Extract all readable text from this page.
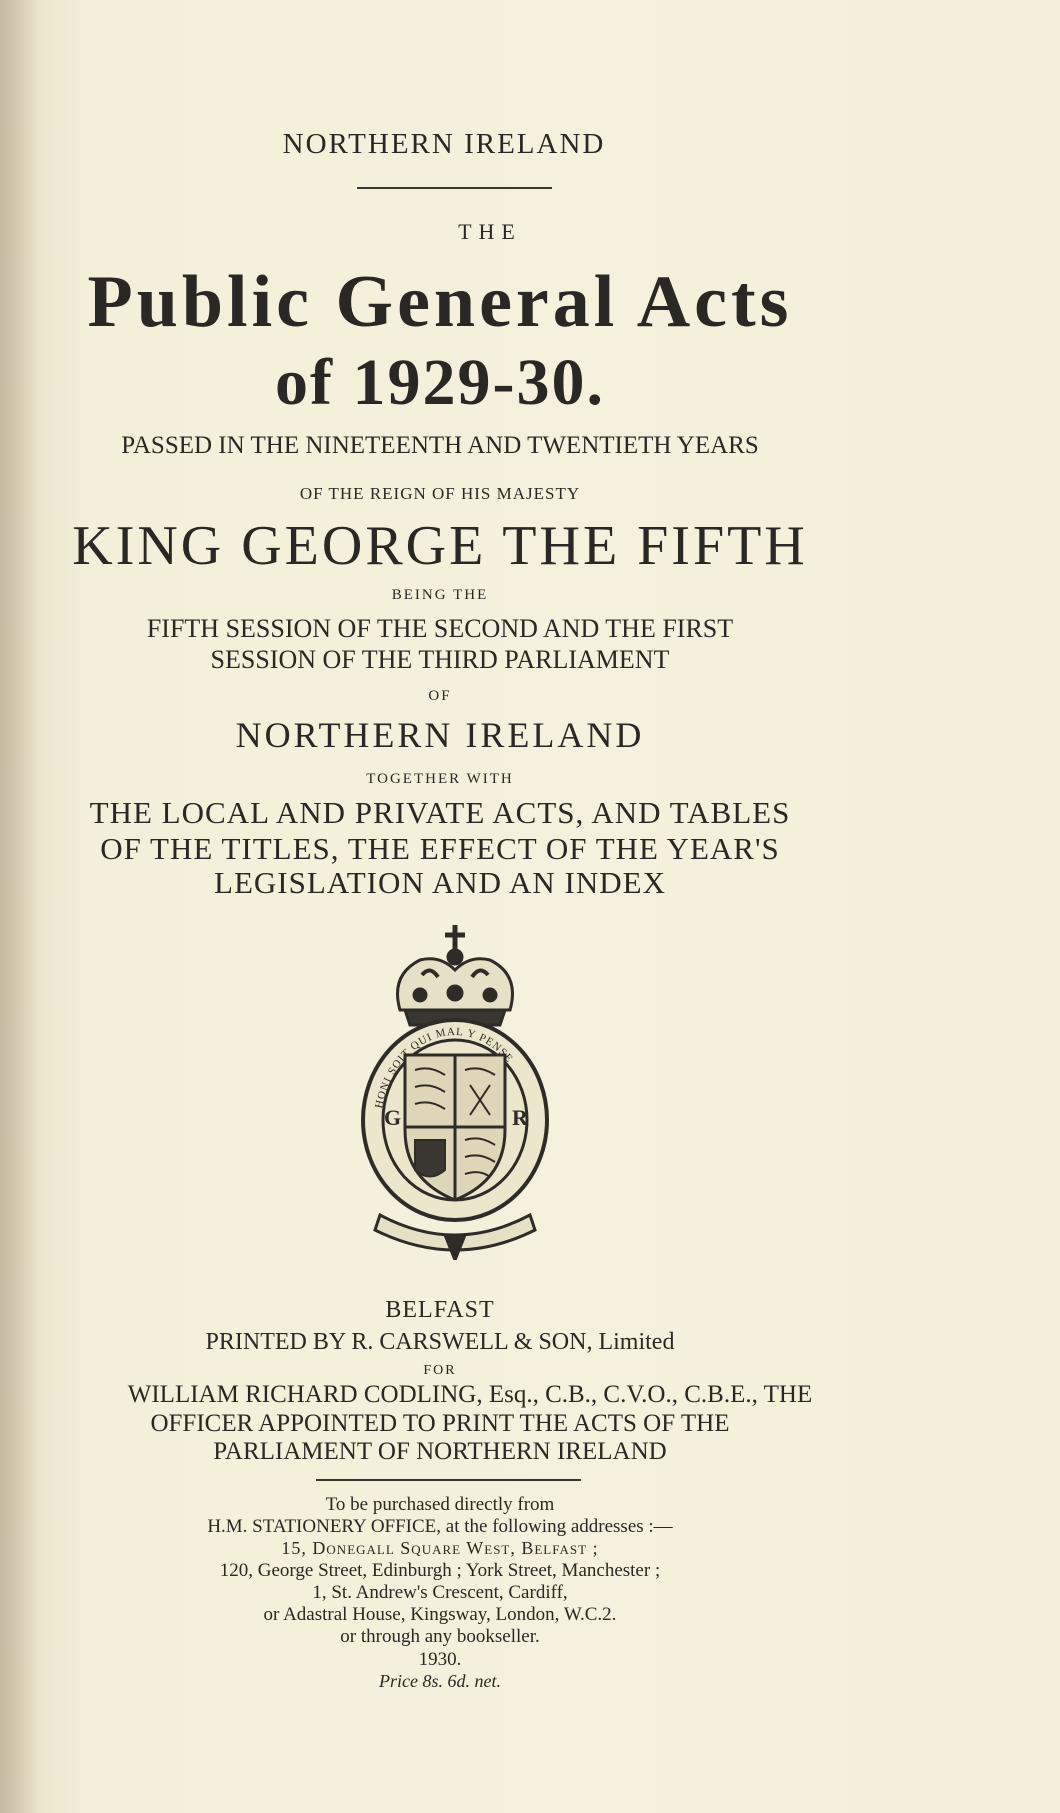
NORTHERN IRELAND

THE

Public General Acts

of 1929-30.

PASSED IN THE NINETEENTH AND TWENTIETH YEARS

OF THE REIGN OF HIS MAJESTY

KING GEORGE THE FIFTH

BEING THE

FIFTH SESSION OF THE SECOND AND THE FIRST

SESSION OF THE THIRD PARLIAMENT

OF

NORTHERN IRELAND

TOGETHER WITH

THE LOCAL AND PRIVATE ACTS, AND TABLES

OF THE TITLES, THE EFFECT OF THE YEAR'S

LEGISLATION AND AN INDEX

G	R
HONI SOIT QUI MAL Y PENSE

BELFAST

PRINTED BY R. CARSWELL & SON, Limited

FOR

WILLIAM RICHARD CODLING, Esq., C.B., C.V.O., C.B.E., THE

OFFICER APPOINTED TO PRINT THE ACTS OF THE

PARLIAMENT OF NORTHERN IRELAND

To be purchased directly from

H.M. STATIONERY OFFICE, at the following addresses :—

15, Donegall Square West, Belfast ;

120, George Street, Edinburgh ; York Street, Manchester ;

1, St. Andrew's Crescent, Cardiff,

or Adastral House, Kingsway, London, W.C.2.

or through any bookseller.

1930.

Price 8s. 6d. net.
